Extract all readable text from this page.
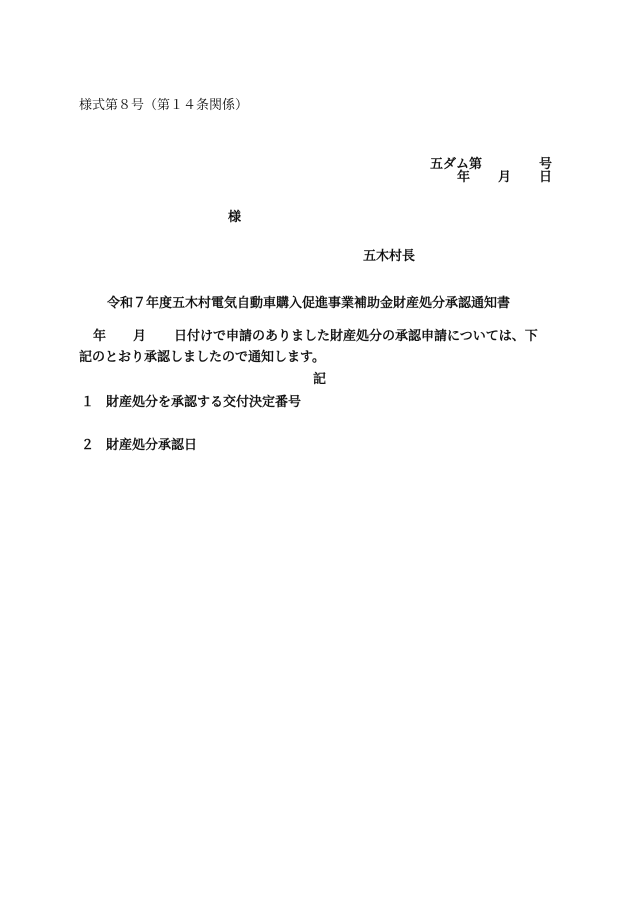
様式第８号（第１４条関係）
五ダム第	号
年 月 日
様
五木村長
令和７年度五木村電気自動車購入促進事業補助金財産処分承認通知書
年 月 日付けで申請のありました財産処分の承認申請については、下
記のとおり承認しましたので通知します。
記
１ 財産処分を承認する交付決定番号
２ 財産処分承認日
